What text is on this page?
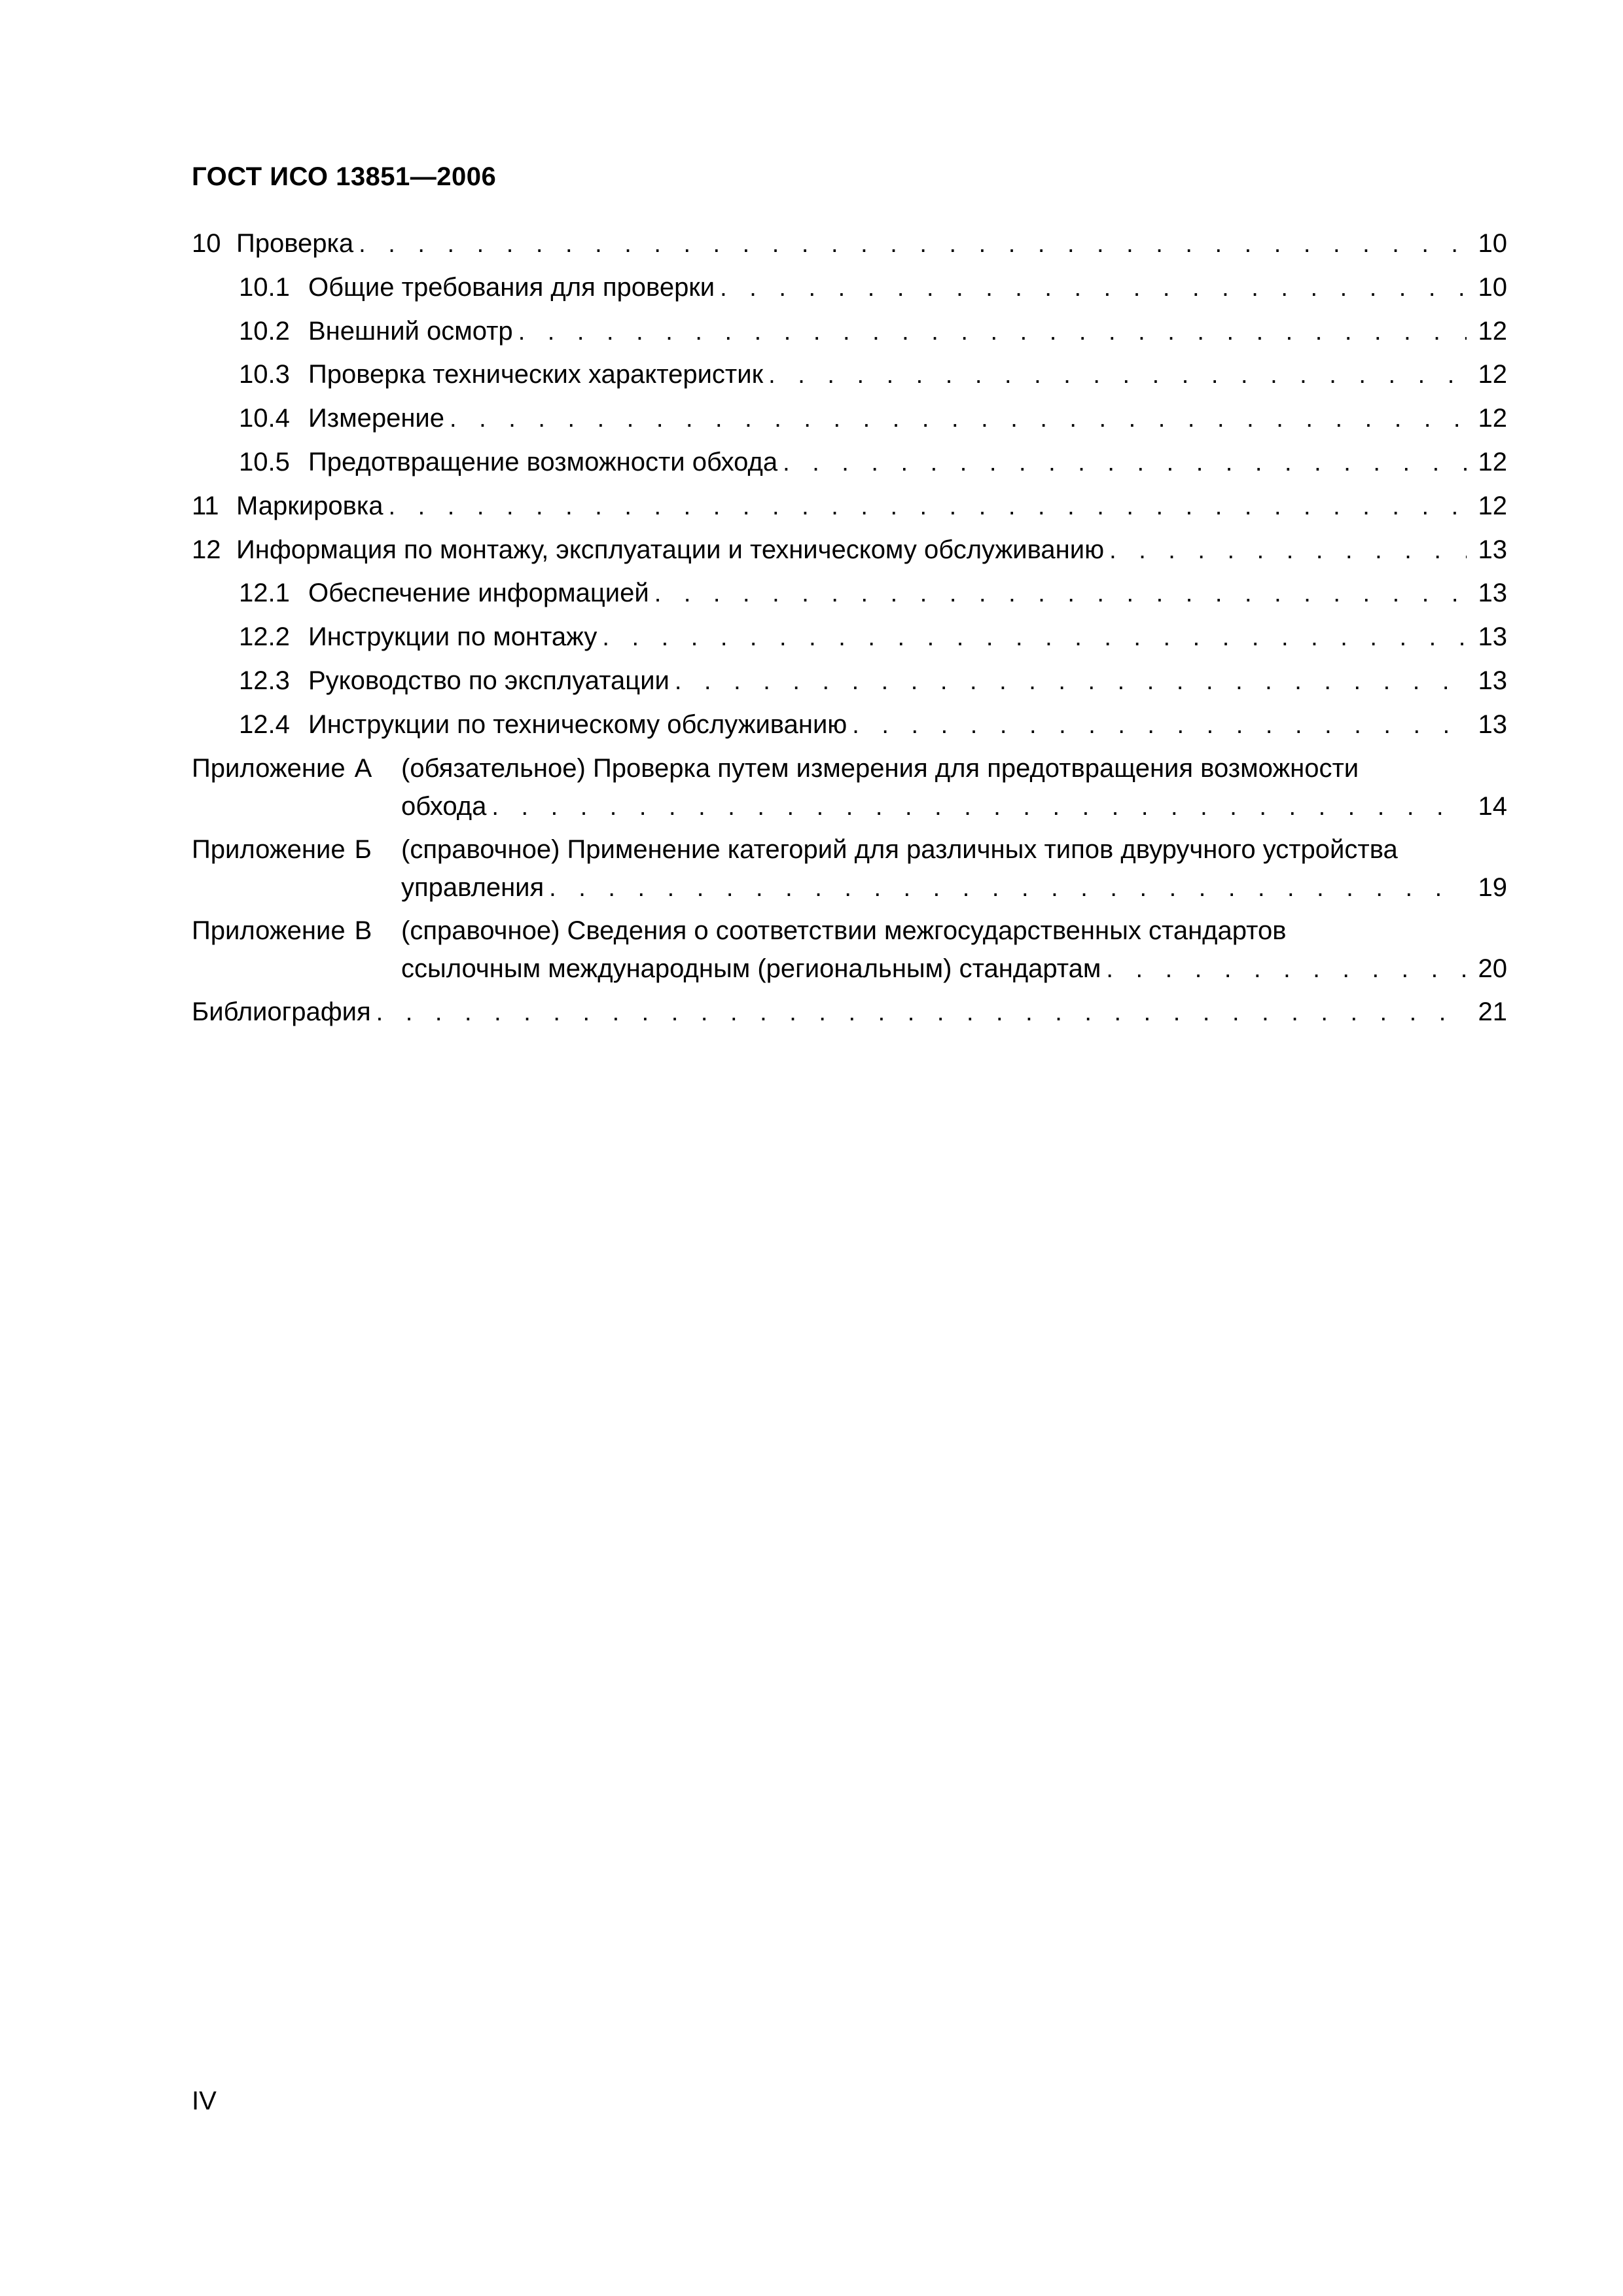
ГОСТ ИСО 13851—2006
10 Проверка . . .	10
10.1 Общие требования для проверки . . .	10
10.2 Внешний осмотр . . .	12
10.3 Проверка технических характеристик . . .	12
10.4 Измерение . . .	12
10.5 Предотвращение возможности обхода . . .	12
11 Маркировка . . .	12
12 Информация по монтажу, эксплуатации и техническому обслуживанию . . .	13
12.1 Обеспечение информацией . . .	13
12.2 Инструкции по монтажу . . .	13
12.3 Руководство по эксплуатации . . .	13
12.4 Инструкции по техническому обслуживанию . . .	13
Приложение А	(обязательное) Проверка путем измерения для предотвращения возможности
обхода . . .	14
Приложение Б	(справочное) Применение категорий для различных типов двуручного устройства
управления . . .	19
Приложение В	(справочное) Сведения о соответствии межгосударственных стандартов
ссылочным международным (региональным) стандартам . . .	20
Библиография . . .	21
IV
